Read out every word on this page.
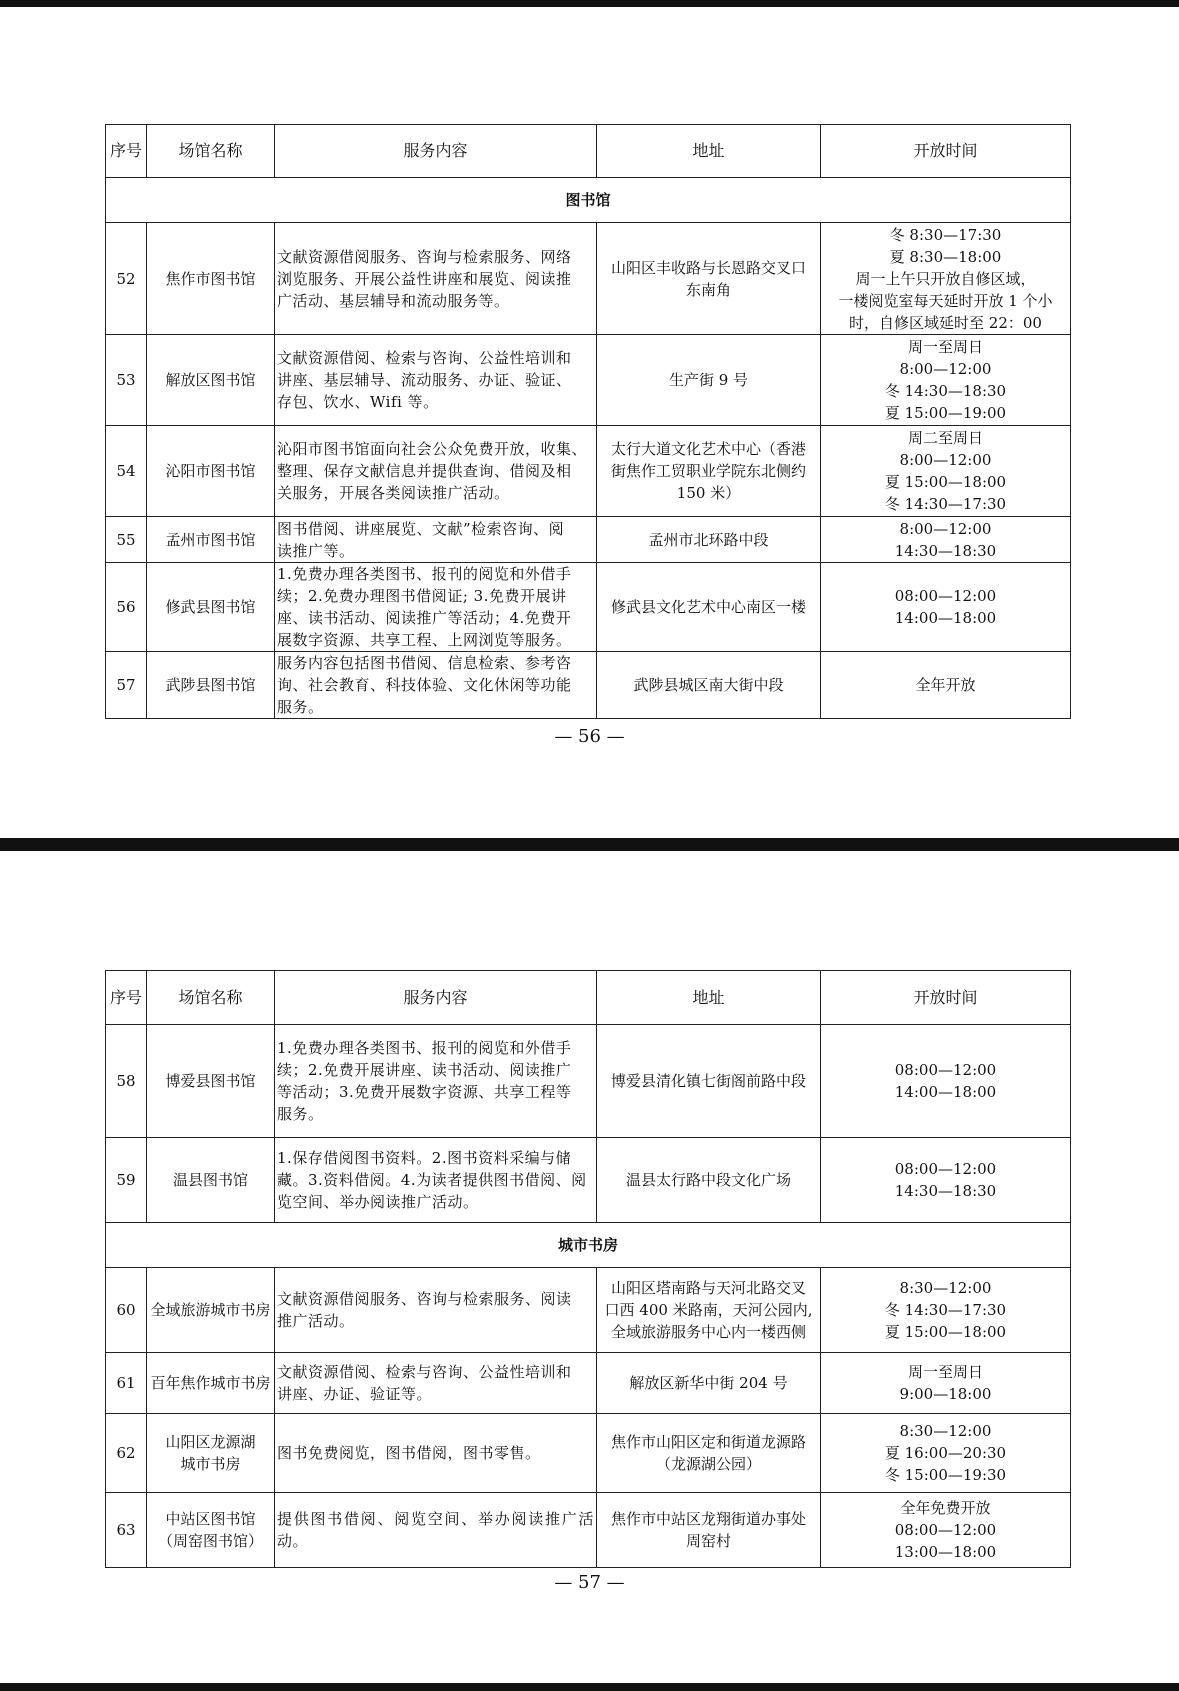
序号	场馆名称	服务内容	地址	开放时间
图书馆				
52	焦作市图书馆	文献资源借阅服务、咨询与检索服务、网络
浏览服务、开展公益性讲座和展览、阅读推
广活动、基层辅导和流动服务等。	山阳区丰收路与长恩路交叉口
东南角	冬 8:30—17:30
夏 8:30—18:00
周一上午只开放自修区域，
一楼阅览室每天延时开放 1 个小
时，自修区域延时至 22：00

53	解放区图书馆	文献资源借阅、检索与咨询、公益性培训和
讲座、基层辅导、流动服务、办证、验证、
存包、饮水、Wifi 等。	生产街 9 号	周一至周日
8:00—12:00
冬 14:30—18:30
夏 15:00—19:00

54	沁阳市图书馆	沁阳市图书馆面向社会公众免费开放，收集、
整理、保存文献信息并提供查询、借阅及相
关服务，开展各类阅读推广活动。	太行大道文化艺术中心（香港
街焦作工贸职业学院东北侧约
150 米）	周二至周日
8:00—12:00
夏 15:00—18:00
冬 14:30—17:30

55	孟州市图书馆	图书借阅、讲座展览、文献”检索咨询、阅
读推广等。	孟州市北环路中段	8:00—12:00
14:30—18:30

56	修武县图书馆	1.免费办理各类图书、报刊的阅览和外借手
续；2.免费办理图书借阅证; 3.免费开展讲
座、读书活动、阅读推广等活动；4.免费开
展数字资源、共享工程、上网浏览等服务。	修武县文化艺术中心南区一楼	08:00—12:00
14:00—18:00

57	武陟县图书馆	服务内容包括图书借阅、信息检索、参考咨
询、社会教育、科技体验、文化休闲等功能
服务。	武陟县城区南大街中段	全年开放
— 56 —
序号	场馆名称	服务内容	地址	开放时间
58	博爱县图书馆	1.免费办理各类图书、报刊的阅览和外借手
续；2.免费开展讲座、读书活动、阅读推广
等活动；3.免费开展数字资源、共享工程等
服务。	博爱县清化镇七街阁前路中段	08:00—12:00
14:00—18:00

59	温县图书馆	1.保存借阅图书资料。2.图书资料采编与储
藏。3.资料借阅。4.为读者提供图书借阅、阅
览空间、举办阅读推广活动。	温县太行路中段文化广场	08:00—12:00
14:30—18:30

城市书房				
60	全域旅游城市书房	文献资源借阅服务、咨询与检索服务、阅读
推广活动。	山阳区塔南路与天河北路交叉
口西 400 米路南，天河公园内,
全域旅游服务中心内一楼西侧	8:30—12:00
冬 14:30—17:30
夏 15:00—18:00

61	百年焦作城市书房	文献资源借阅、检索与咨询、公益性培训和
讲座、办证、验证等。	解放区新华中街 204 号	周一至周日
9:00—18:00

62	山阳区龙源湖
城市书房	图书免费阅览，图书借阅，图书零售。	焦作市山阳区定和街道龙源路
（龙源湖公园）	8:30—12:00
夏 16:00—20:30
冬 15:00—19:30

63	中站区图书馆
（周窑图书馆）	提供图书借阅、阅览空间、举办阅读推广活动。	焦作市中站区龙翔街道办事处
周窑村	全年免费开放
08:00—12:00
13:00—18:00
— 57 —
